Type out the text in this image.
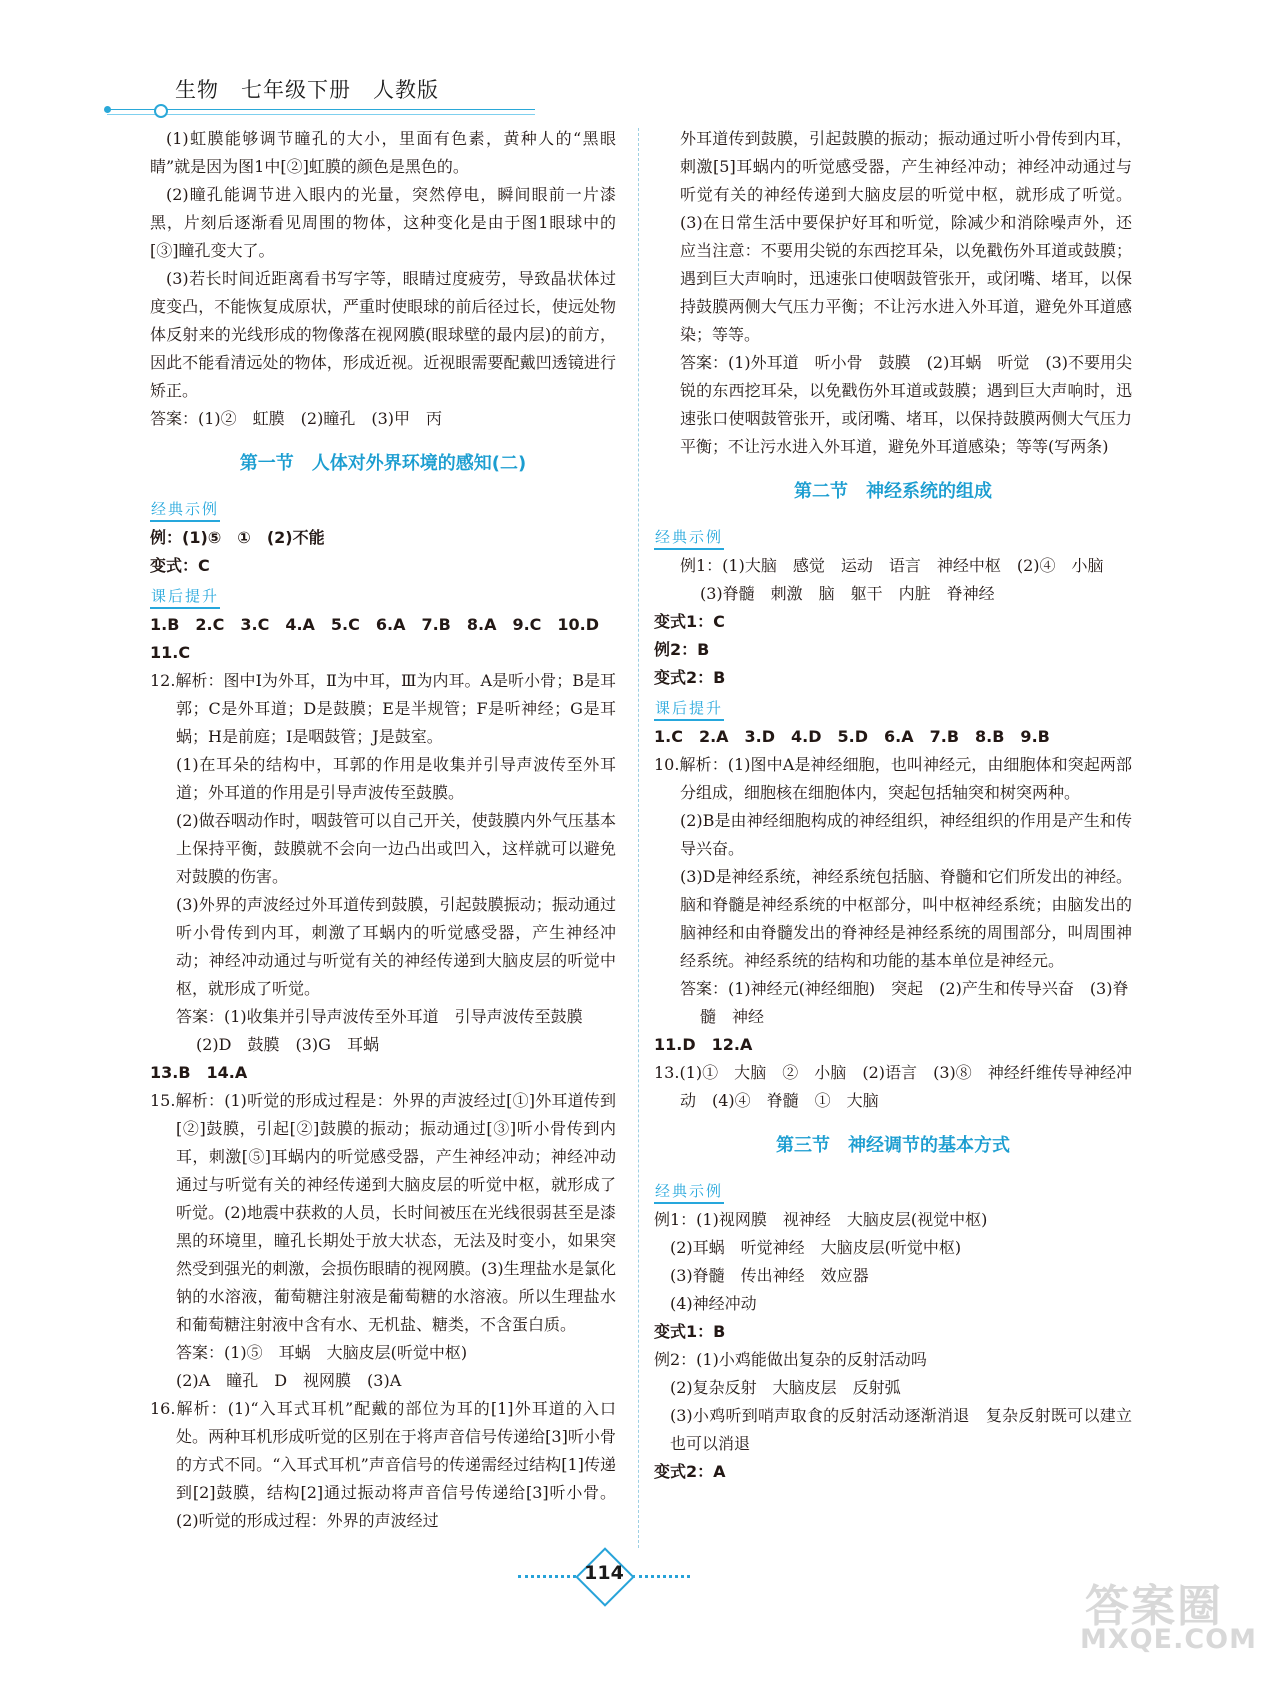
生物　七年级下册　人教版
(1)虹膜能够调节瞳孔的大小，里面有色素，黄种人的“黑眼睛”就是因为图1中[②]虹膜的颜色是黑色的。
(2)瞳孔能调节进入眼内的光量，突然停电，瞬间眼前一片漆黑，片刻后逐渐看见周围的物体，这种变化是由于图1眼球中的[③]瞳孔变大了。
(3)若长时间近距离看书写字等，眼睛过度疲劳，导致晶状体过度变凸，不能恢复成原状，严重时使眼球的前后径过长，使远处物体反射来的光线形成的物像落在视网膜(眼球壁的最内层)的前方，因此不能看清远处的物体，形成近视。近视眼需要配戴凹透镜进行矫正。
答案：(1)②　虹膜　(2)瞳孔　(3)甲　丙
第一节　人体对外界环境的感知(二)
经典示例
例：(1)⑤　①　(2)不能
变式：C
课后提升
1.B　2.C　3.C　4.A　5.C　6.A　7.B　8.A　9.C　10.D
11.C
12.解析：图中Ⅰ为外耳，Ⅱ为中耳，Ⅲ为内耳。A是听小骨；B是耳郭；C是外耳道；D是鼓膜；E是半规管；F是听神经；G是耳蜗；H是前庭；I是咽鼓管；J是鼓室。
(1)在耳朵的结构中，耳郭的作用是收集并引导声波传至外耳道；外耳道的作用是引导声波传至鼓膜。
(2)做吞咽动作时，咽鼓管可以自己开关，使鼓膜内外气压基本上保持平衡，鼓膜就不会向一边凸出或凹入，这样就可以避免对鼓膜的伤害。
(3)外界的声波经过外耳道传到鼓膜，引起鼓膜振动；振动通过听小骨传到内耳，刺激了耳蜗内的听觉感受器，产生神经冲动；神经冲动通过与听觉有关的神经传递到大脑皮层的听觉中枢，就形成了听觉。
答案：(1)收集并引导声波传至外耳道　引导声波传至鼓膜　(2)D　鼓膜　(3)G　耳蜗
13.B　14.A
15.解析：(1)听觉的形成过程是：外界的声波经过[①]外耳道传到[②]鼓膜，引起[②]鼓膜的振动；振动通过[③]听小骨传到内耳，刺激[⑤]耳蜗内的听觉感受器，产生神经冲动；神经冲动通过与听觉有关的神经传递到大脑皮层的听觉中枢，就形成了听觉。(2)地震中获救的人员，长时间被压在光线很弱甚至是漆黑的环境里，瞳孔长期处于放大状态，无法及时变小，如果突然受到强光的刺激，会损伤眼睛的视网膜。(3)生理盐水是氯化钠的水溶液，葡萄糖注射液是葡萄糖的水溶液。所以生理盐水和葡萄糖注射液中含有水、无机盐、糖类，不含蛋白质。
答案：(1)⑤　耳蜗　大脑皮层(听觉中枢)
(2)A　瞳孔　D　视网膜　(3)A
16.解析：(1)“入耳式耳机”配戴的部位为耳的[1]外耳道的入口处。两种耳机形成听觉的区别在于将声音信号传递给[3]听小骨的方式不同。“入耳式耳机”声音信号的传递需经过结构[1]传递到[2]鼓膜，结构[2]通过振动将声音信号传递给[3]听小骨。(2)听觉的形成过程：外界的声波经过
外耳道传到鼓膜，引起鼓膜的振动；振动通过听小骨传到内耳，刺激[5]耳蜗内的听觉感受器，产生神经冲动；神经冲动通过与听觉有关的神经传递到大脑皮层的听觉中枢，就形成了听觉。(3)在日常生活中要保护好耳和听觉，除减少和消除噪声外，还应当注意：不要用尖锐的东西挖耳朵，以免戳伤外耳道或鼓膜；遇到巨大声响时，迅速张口使咽鼓管张开，或闭嘴、堵耳，以保持鼓膜两侧大气压力平衡；不让污水进入外耳道，避免外耳道感染；等等。
答案：(1)外耳道　听小骨　鼓膜　(2)耳蜗　听觉　(3)不要用尖锐的东西挖耳朵，以免戳伤外耳道或鼓膜；遇到巨大声响时，迅速张口使咽鼓管张开，或闭嘴、堵耳，以保持鼓膜两侧大气压力平衡；不让污水进入外耳道，避免外耳道感染；等等(写两条)
第二节　神经系统的组成
经典示例
例1：(1)大脑　感觉　运动　语言　神经中枢　(2)④　小脑　(3)脊髓　刺激　脑　躯干　内脏　脊神经
变式1：C
例2：B
变式2：B
课后提升
1.C　2.A　3.D　4.D　5.D　6.A　7.B　8.B　9.B
10.解析：(1)图中A是神经细胞，也叫神经元，由细胞体和突起两部分组成，细胞核在细胞体内，突起包括轴突和树突两种。
(2)B是由神经细胞构成的神经组织，神经组织的作用是产生和传导兴奋。
(3)D是神经系统，神经系统包括脑、脊髓和它们所发出的神经。脑和脊髓是神经系统的中枢部分，叫中枢神经系统；由脑发出的脑神经和由脊髓发出的脊神经是神经系统的周围部分，叫周围神经系统。神经系统的结构和功能的基本单位是神经元。
答案：(1)神经元(神经细胞)　突起　(2)产生和传导兴奋　(3)脊髓　神经
11.D　12.A
13.(1)①　大脑　②　小脑　(2)语言　(3)⑧　神经纤维传导神经冲动　(4)④　脊髓　①　大脑
第三节　神经调节的基本方式
经典示例
例1：(1)视网膜　视神经　大脑皮层(视觉中枢)
(2)耳蜗　听觉神经　大脑皮层(听觉中枢)
(3)脊髓　传出神经　效应器
(4)神经冲动
变式1：B
例2：(1)小鸡能做出复杂的反射活动吗
(2)复杂反射　大脑皮层　反射弧
(3)小鸡听到哨声取食的反射活动逐渐消退　复杂反射既可以建立也可以消退
变式2：A
114
答案圈
MXQE.COM
